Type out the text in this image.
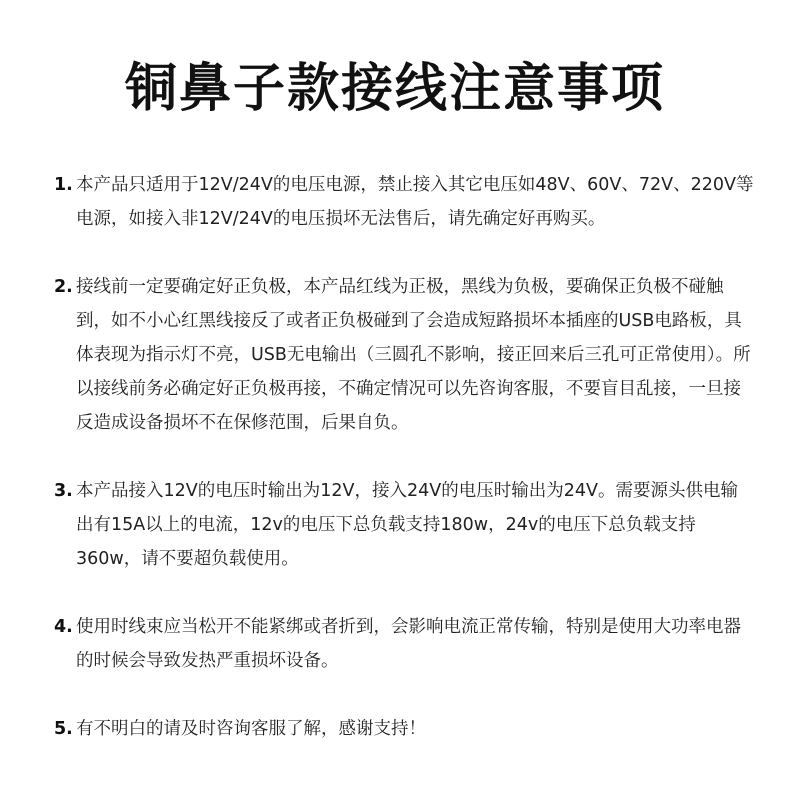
铜鼻子款接线注意事项
1. 本产品只适用于12V/24V的电压电源，禁止接入其它电压如48V、60V、72V、220V等电源，如接入非12V/24V的电压损坏无法售后，请先确定好再购买。
2. 接线前一定要确定好正负极，本产品红线为正极，黑线为负极，要确保正负极不碰触到，如不小心红黑线接反了或者正负极碰到了会造成短路损坏本插座的USB电路板，具体表现为指示灯不亮，USB无电输出（三圆孔不影响，接正回来后三孔可正常使用）。所以接线前务必确定好正负极再接，不确定情况可以先咨询客服，不要盲目乱接，一旦接反造成设备损坏不在保修范围，后果自负。
3. 本产品接入12V的电压时输出为12V，接入24V的电压时输出为24V。需要源头供电输出有15A以上的电流，12v的电压下总负载支持180w，24v的电压下总负载支持360w，请不要超负载使用。
4. 使用时线束应当松开不能紧绑或者折到，会影响电流正常传输，特别是使用大功率电器的时候会导致发热严重损坏设备。
5. 有不明白的请及时咨询客服了解，感谢支持！
